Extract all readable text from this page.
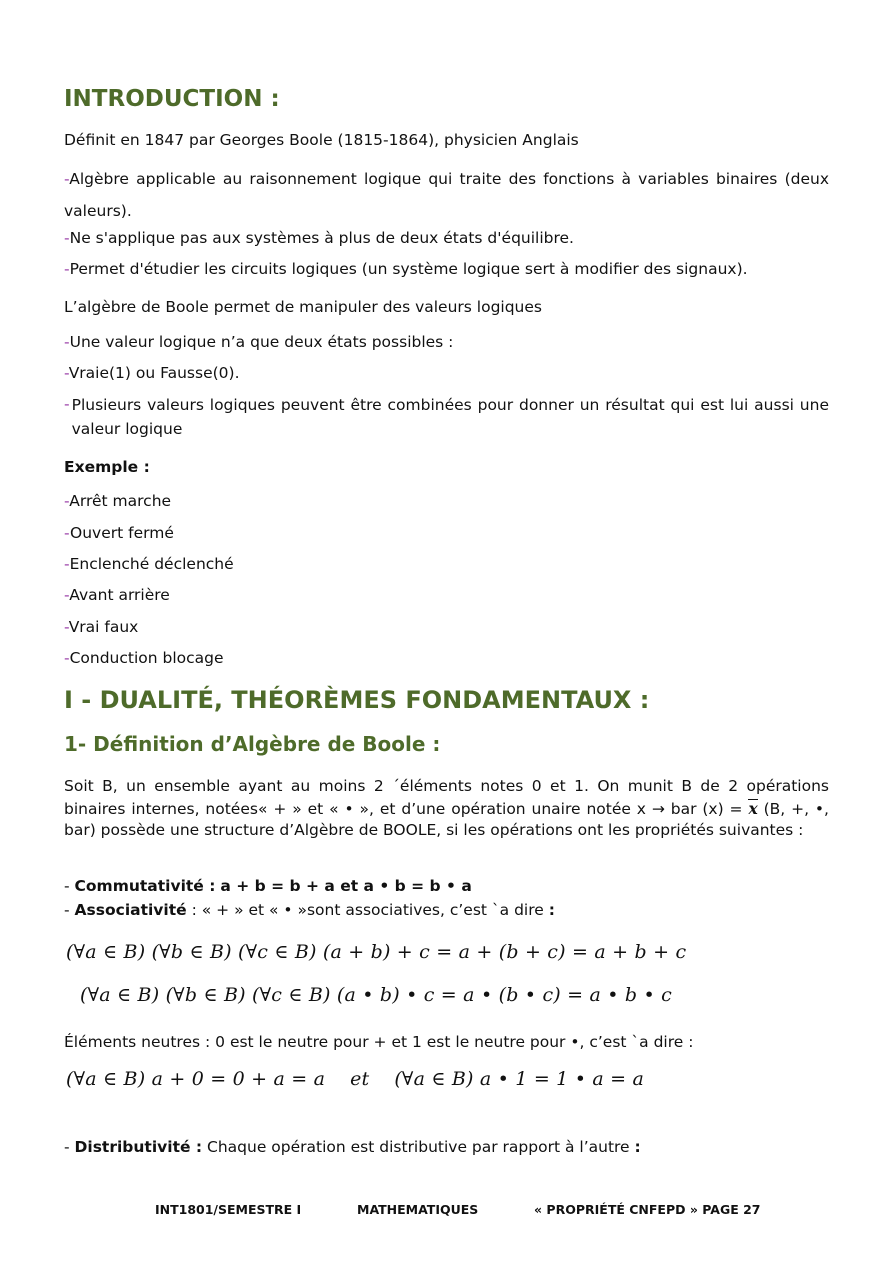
INTRODUCTION :
Définit en 1847 par Georges Boole (1815-1864), physicien Anglais
-Algèbre applicable au raisonnement logique qui traite des fonctions à variables binaires (deux valeurs).
-Ne s'applique pas aux systèmes à plus de deux états d'équilibre.
-Permet d'étudier les circuits logiques (un système logique sert à modifier des signaux).
L’algèbre de Boole permet de manipuler des valeurs logiques
-Une valeur logique n’a que deux états possibles :
-Vraie(1) ou Fausse(0).
- Plusieurs valeurs logiques peuvent être combinées pour donner un résultat qui est lui aussi une valeur logique
Exemple :
-Arrêt marche
-Ouvert fermé
-Enclenché déclenché
-Avant arrière
-Vrai faux
-Conduction blocage
I - DUALITÉ, THÉORÈMES FONDAMENTAUX :
1- Définition d’Algèbre de Boole :
Soit B, un ensemble ayant au moins 2 ´éléments notes 0 et 1. On munit B de 2 opérations binaires internes, notées« + » et « • », et d’une opération unaire notée x → bar (x) = x (B, +, •, bar) possède une structure d’Algèbre de BOOLE, si les opérations ont les propriétés suivantes :
- Commutativité : a + b = b + a et a • b = b • a
- Associativité : « + » et « • »sont associatives, c’est `a dire :
(∀a ∈ B) (∀b ∈ B) (∀c ∈ B) (a + b) + c = a + (b + c) = a + b + c
(∀a ∈ B) (∀b ∈ B) (∀c ∈ B) (a • b) • c = a • (b • c) = a • b • c
Éléments neutres : 0 est le neutre pour + et 1 est le neutre pour •, c’est `a dire :
(∀a ∈ B) a + 0 = 0 + a = a    et    (∀a ∈ B) a • 1 = 1 • a = a
- Distributivité : Chaque opération est distributive par rapport à l’autre :
INT1801/SEMESTRE I	MATHEMATIQUES	« PROPRIÉTÉ CNFEPD » PAGE 27
